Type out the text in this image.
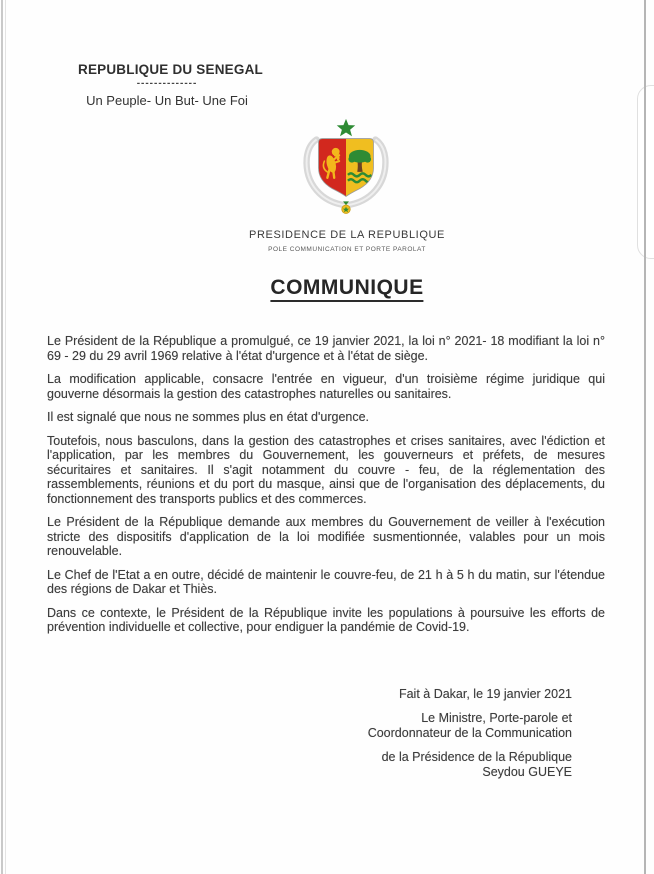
REPUBLIQUE DU SENEGAL
--------------
Un Peuple- Un But- Une Foi
PRESIDENCE DE LA REPUBLIQUE
POLE COMMUNICATION ET PORTE PAROLAT
COMMUNIQUE

Le Président de la République a promulgué, ce 19 janvier 2021, la loi n° 2021- 18 modifiant la loi n° 69 - 29 du 29 avril 1969 relative à l'état d'urgence et à l'état de siège.

La modification applicable, consacre l'entrée en vigueur, d'un troisième régime juridique qui gouverne désormais la gestion des catastrophes naturelles ou sanitaires.

Il est signalé que nous ne sommes plus en état d'urgence.

Toutefois, nous basculons, dans la gestion des catastrophes et crises sanitaires, avec l'édiction et l'application, par les membres du Gouvernement, les gouverneurs et préfets, de mesures sécuritaires et sanitaires. Il s'agit notamment du couvre - feu, de la réglementation des rassemblements, réunions et du port du masque, ainsi que de l'organisation des déplacements, du fonctionnement des transports publics et des commerces.

Le Président de la République demande aux membres du Gouvernement de veiller à l'exécution stricte des dispositifs d'application de la loi modifiée susmentionnée, valables pour un mois renouvelable.

Le Chef de l'Etat a en outre, décidé de maintenir le couvre-feu, de 21 h à 5 h du matin, sur l'étendue des régions de Dakar et Thiès.

Dans ce contexte, le Président de la République invite les populations à poursuive les efforts de prévention individuelle et collective, pour endiguer la pandémie de Covid-19.

Fait à Dakar, le 19 janvier 2021
Le Ministre, Porte-parole et
Coordonnateur de la Communication
de la Présidence de la République
Seydou GUEYE
